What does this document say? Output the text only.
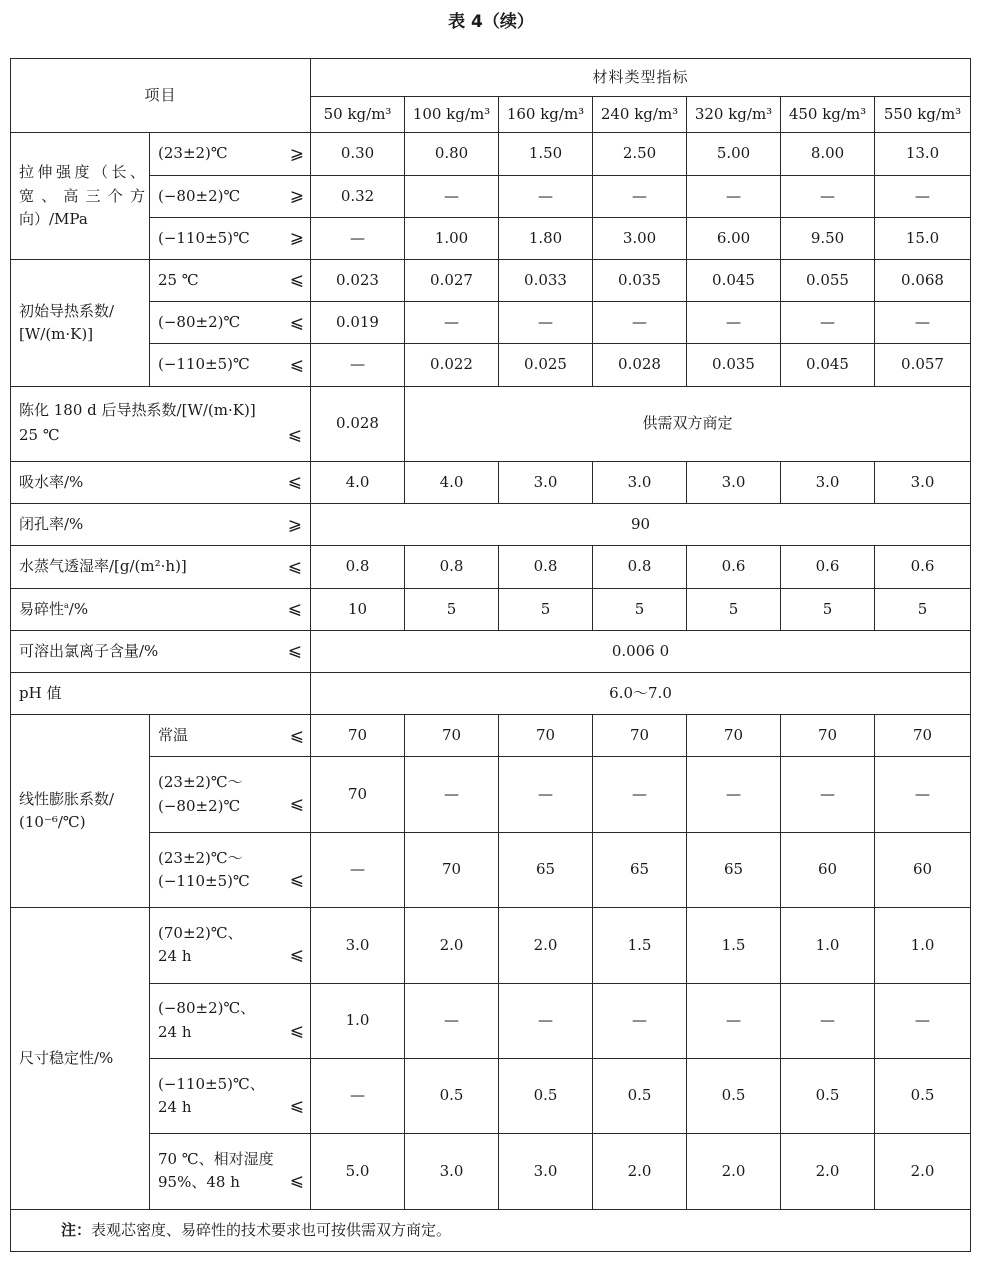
表 4（续）
项目		材料类型指标						
		50 kg/m³	100 kg/m³	160 kg/m³	240 kg/m³	320 kg/m³	450 kg/m³	550 kg/m³

拉伸强度（长、宽、高三个方向）/MPa	(23±2)℃ ⩾	0.30	0.80	1.50	2.50	5.00	8.00	13.0

	(−80±2)℃ ⩾	0.32	—	—	—	—	—	—

	(−110±5)℃ ⩾	—	1.00	1.80	3.00	6.00	9.50	15.0

初始导热系数/
[W/(m·K)]	25 ℃ ⩽	0.023	0.027	0.033	0.035	0.045	0.055	0.068

	(−80±2)℃ ⩽	0.019	—	—	—	—	—	—

	(−110±5)℃ ⩽	—	0.022	0.025	0.028	0.035	0.045	0.057

陈化 180 d 后导热系数/[W/(m·K)]
25 ℃ ⩽		0.028	供需双方商定					

吸水率/% ⩽		4.0	4.0	3.0	3.0	3.0	3.0	3.0

闭孔率/% ⩾		90						

水蒸气透湿率/[g/(m²·h)] ⩽		0.8	0.8	0.8	0.8	0.6	0.6	0.6

易碎性$^a$/% ⩽		10	5	5	5	5	5	5

可溶出氯离子含量/% ⩽		0.006 0						
pH 值		6.0～7.0						

线性膨胀系数/
(10⁻⁶/℃)	常温 ⩽	70	70	70	70	70	70	70

	(23±2)℃～
(−80±2)℃ ⩽	70	—	—	—	—	—	—

	(23±2)℃～
(−110±5)℃ ⩽	—	70	65	65	65	60	60
尺寸稳定性/%	(70±2)℃、
24 h ⩽	3.0	2.0	2.0	1.5	1.5	1.0	1.0

	(−80±2)℃、
24 h ⩽	1.0	—	—	—	—	—	—

	(−110±5)℃、
24 h ⩽	—	0.5	0.5	0.5	0.5	0.5	0.5

	70 ℃、相对湿度
95%、48 h ⩽	5.0	3.0	3.0	2.0	2.0	2.0	2.0
注：表观芯密度、易碎性的技术要求也可按供需双方商定。								
